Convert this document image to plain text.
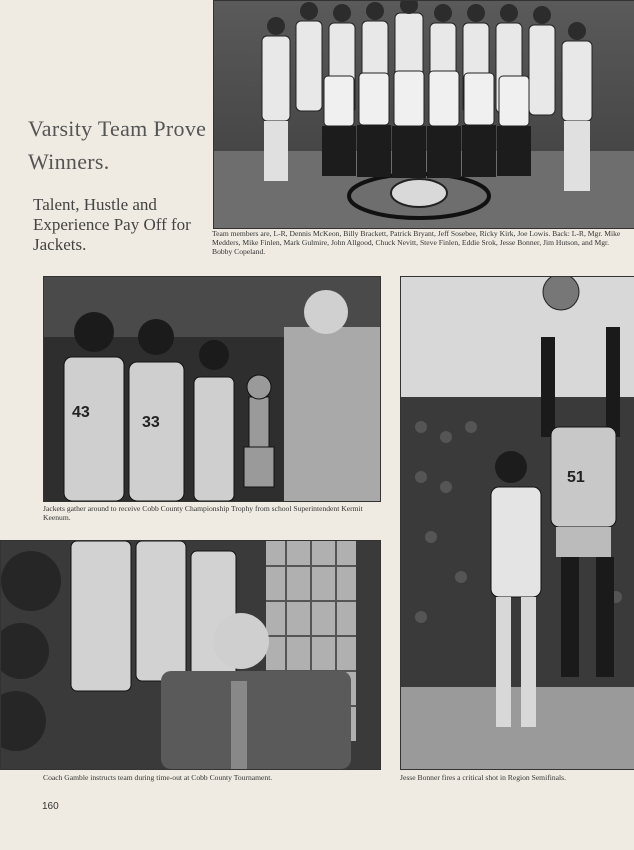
Varsity Team Prove Winners.
Talent, Hustle and Experience Pay Off for Jackets.
Team members are, L-R, Dennis McKeon, Billy Brackett, Patrick Bryant, Jeff Sosebee, Ricky Kirk, Joe Lowis. Back: L-R, Mgr. Mike Medders, Mike Finlen, Mark Gulmire, John Allgood, Chuck Nevitt, Steve Finlen, Eddie Srok, Jesse Bonner, Jim Hutson, and Mgr. Bobby Copeland.
43
33
Jackets gather around to receive Cobb County Championship Trophy from school Superintendent Kermit Keenum.
51
Jesse Bonner fires a critical shot in Region Semifinals.
Coach Gamble instructs team during time-out at Cobb County Tournament.
160
